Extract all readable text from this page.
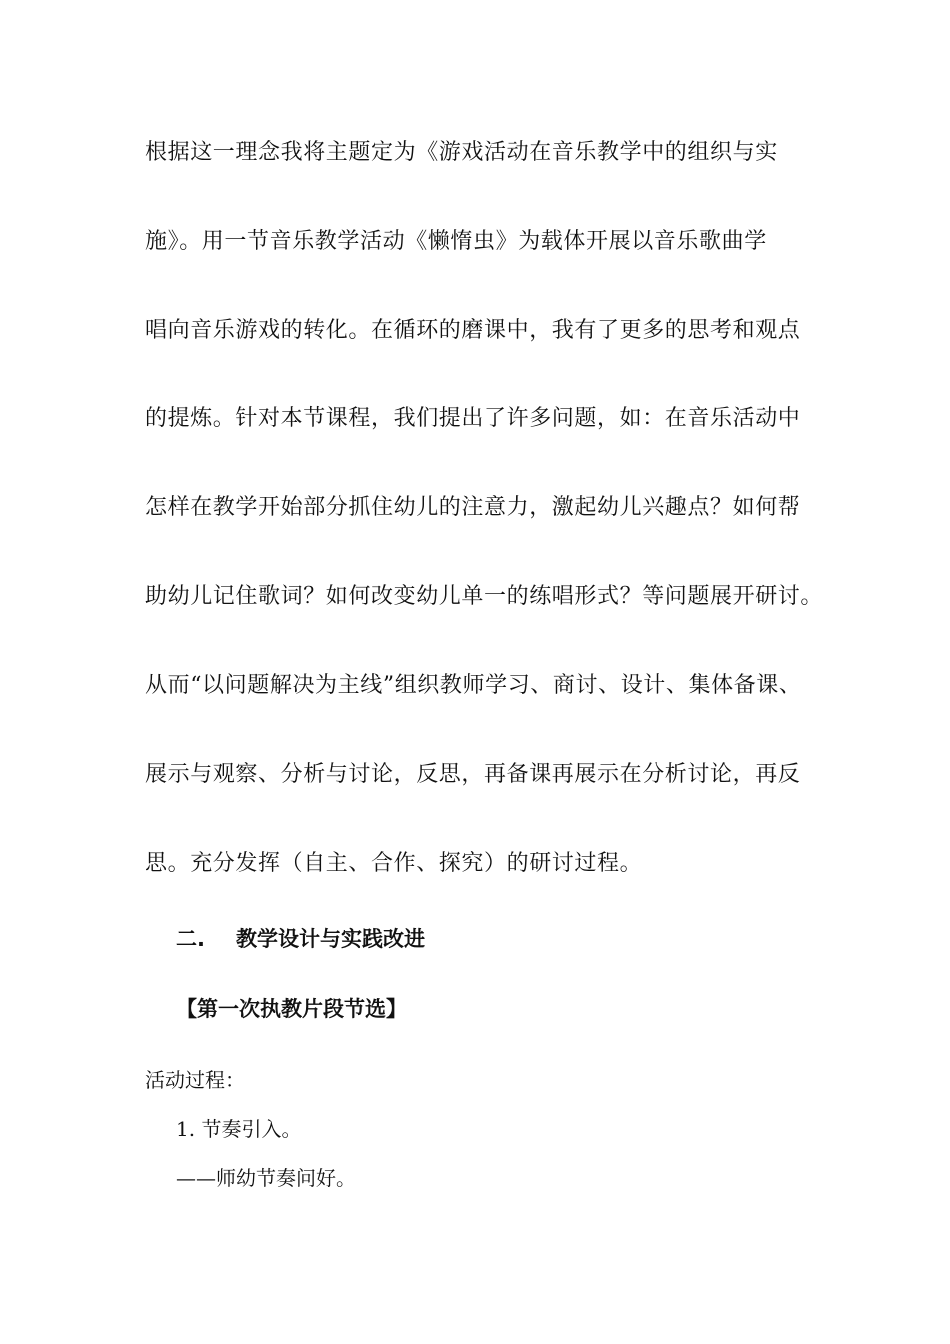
根据这一理念我将主题定为《游戏活动在音乐教学中的组织与实
施》。用一节音乐教学活动《懒惰虫》为载体开展以音乐歌曲学
唱向音乐游戏的转化。在循环的磨课中，我有了更多的思考和观点
的提炼。针对本节课程，我们提出了许多问题，如：在音乐活动中
怎样在教学开始部分抓住幼儿的注意力，激起幼儿兴趣点？如何帮
助幼儿记住歌词？如何改变幼儿单一的练唱形式？等问题展开研讨。
从而“以问题解决为主线”组织教师学习、商讨、设计、集体备课、
展示与观察、分析与讨论，反思，再备课再展示在分析讨论，再反
思。充分发挥（自主、合作、探究）的研讨过程。
二. 教学设计与实践改进
【第一次执教片段节选】
活动过程：
1. 节奏引入。
——师幼节奏问好。
